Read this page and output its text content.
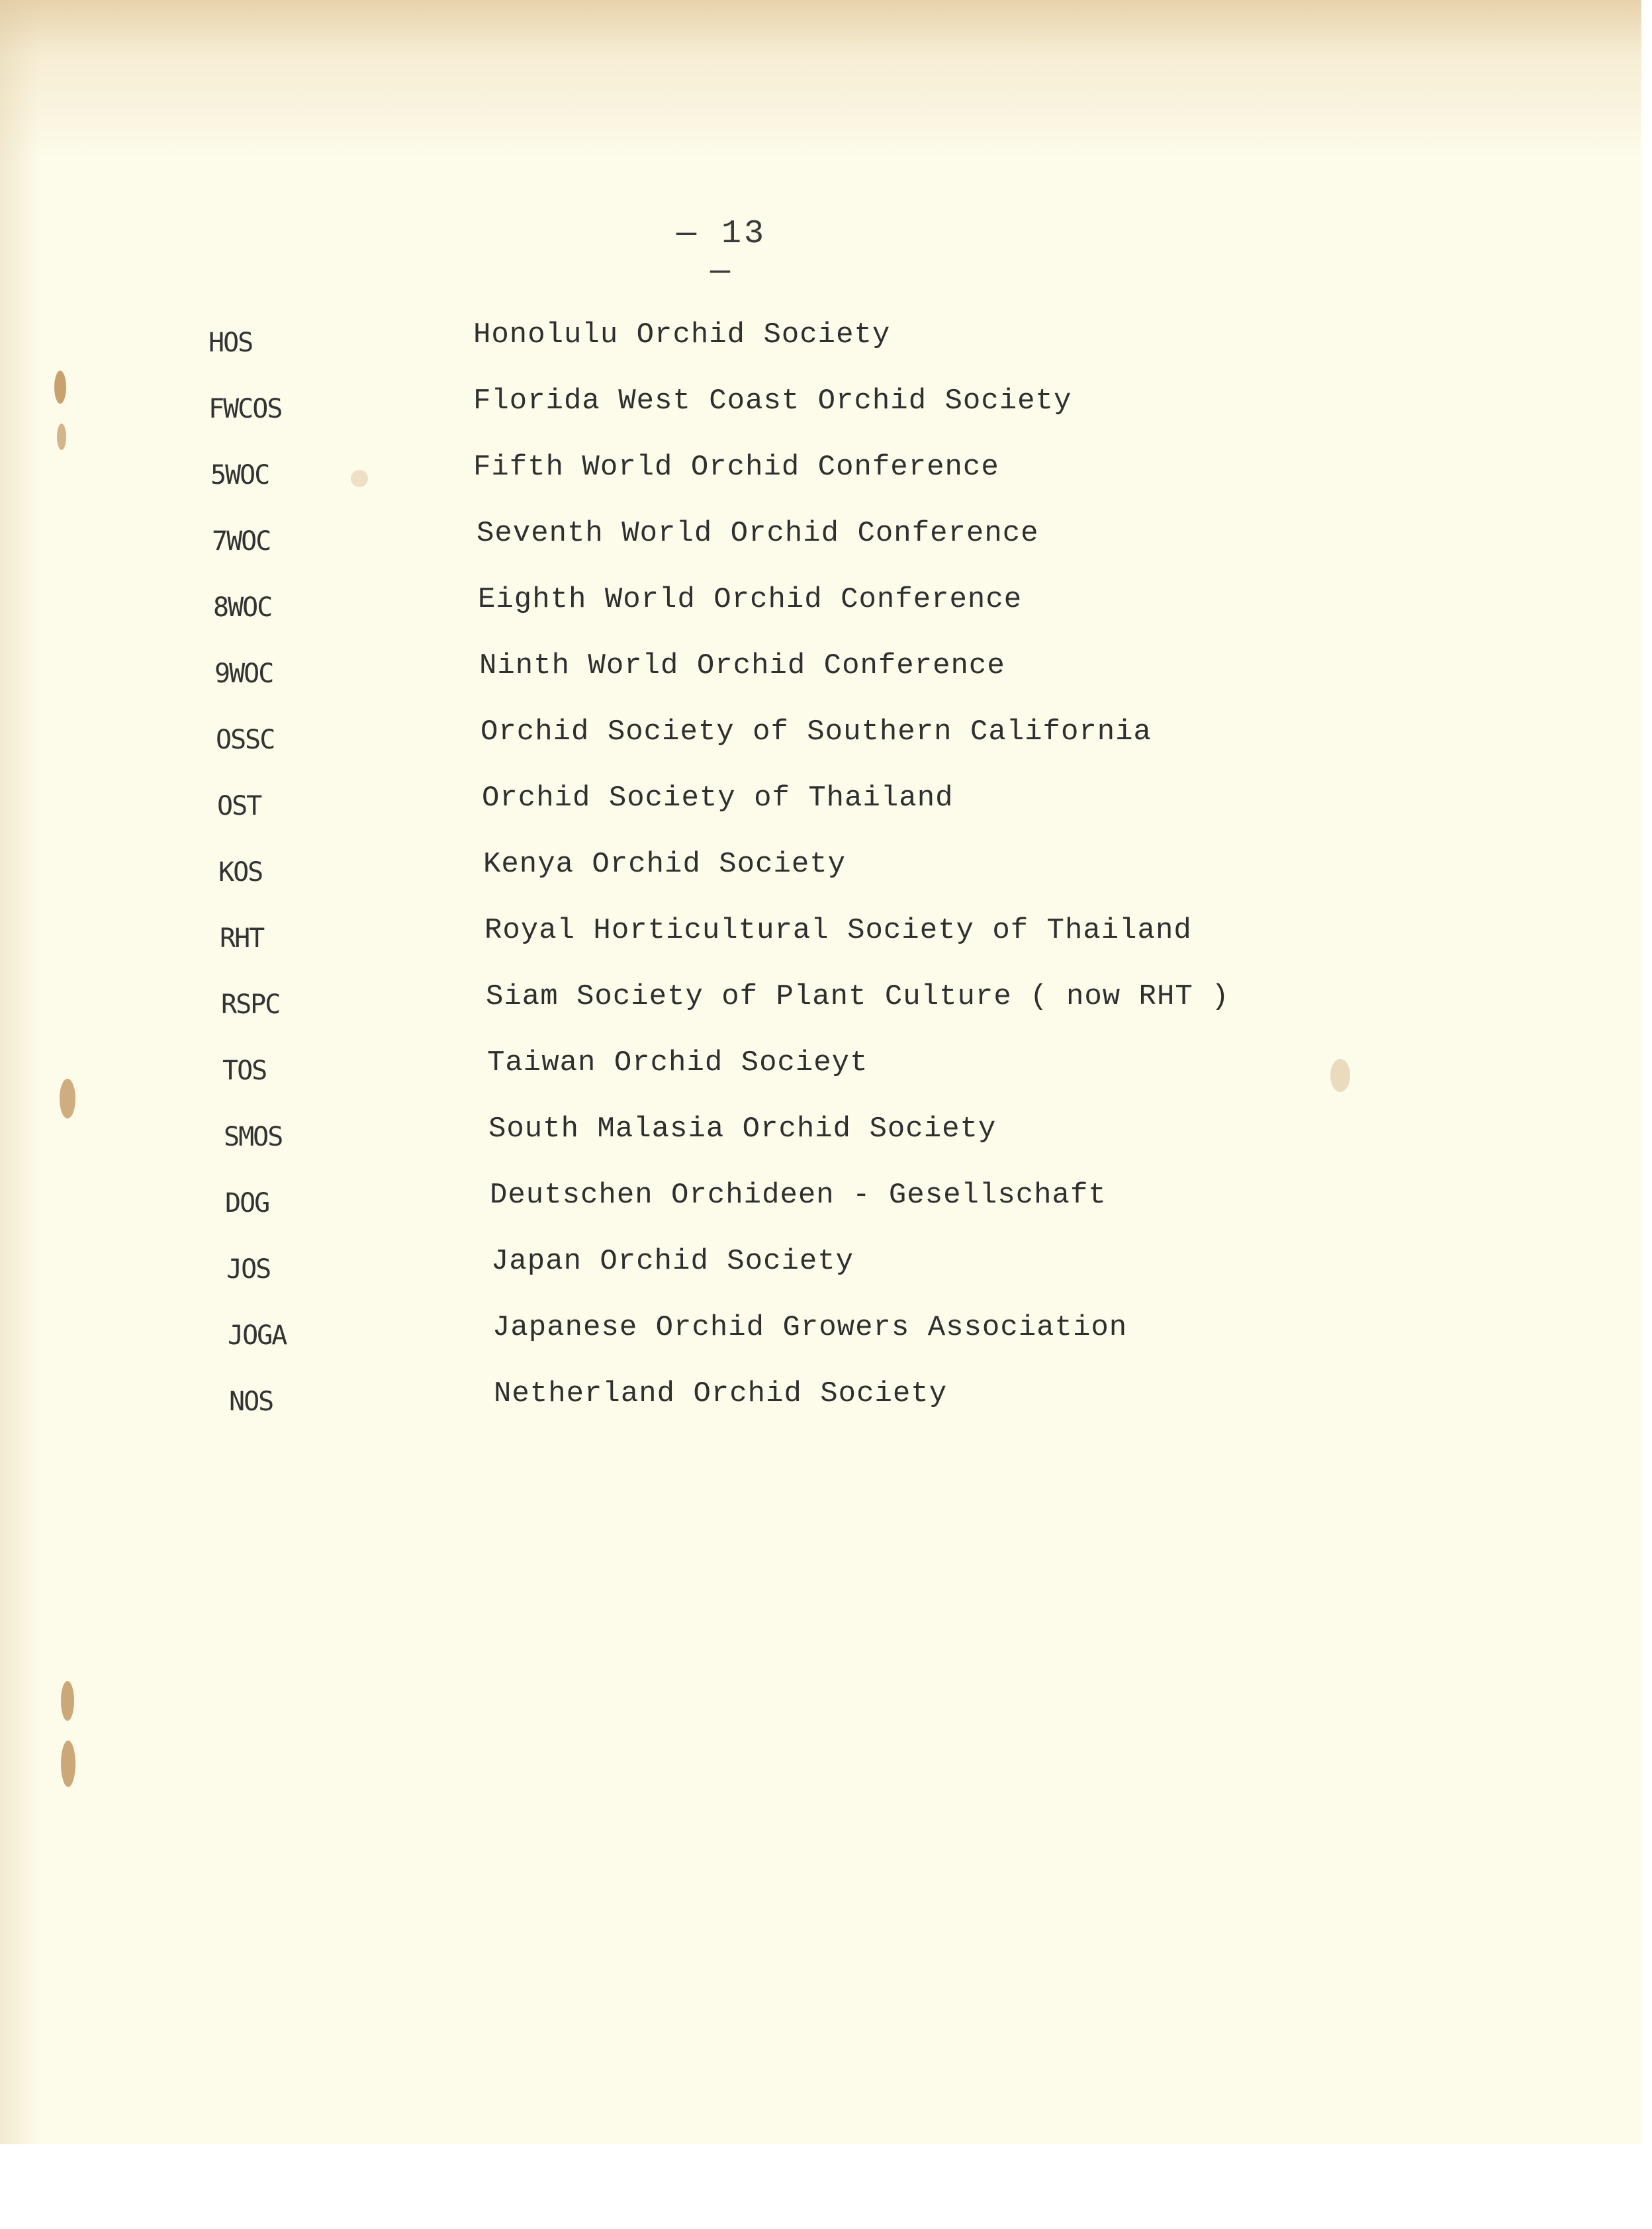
— 13 —
HOS	Honolulu Orchid Society
FWCOS	Florida West Coast Orchid Society
5WOC	Fifth World Orchid Conference
7WOC	Seventh World Orchid Conference
8WOC	Eighth World Orchid Conference
9WOC	Ninth World Orchid Conference
OSSC	Orchid Society of Southern California
OST	Orchid Society of Thailand
KOS	Kenya Orchid Society
RHT	Royal Horticultural Society of Thailand
RSPC	Siam Society of Plant Culture ( now RHT )
TOS	Taiwan Orchid Socieyt
SMOS	South Malasia Orchid Society
DOG	Deutschen Orchideen - Gesellschaft
JOS	Japan Orchid Society
JOGA	Japanese Orchid Growers Association
NOS	Netherland Orchid Society
